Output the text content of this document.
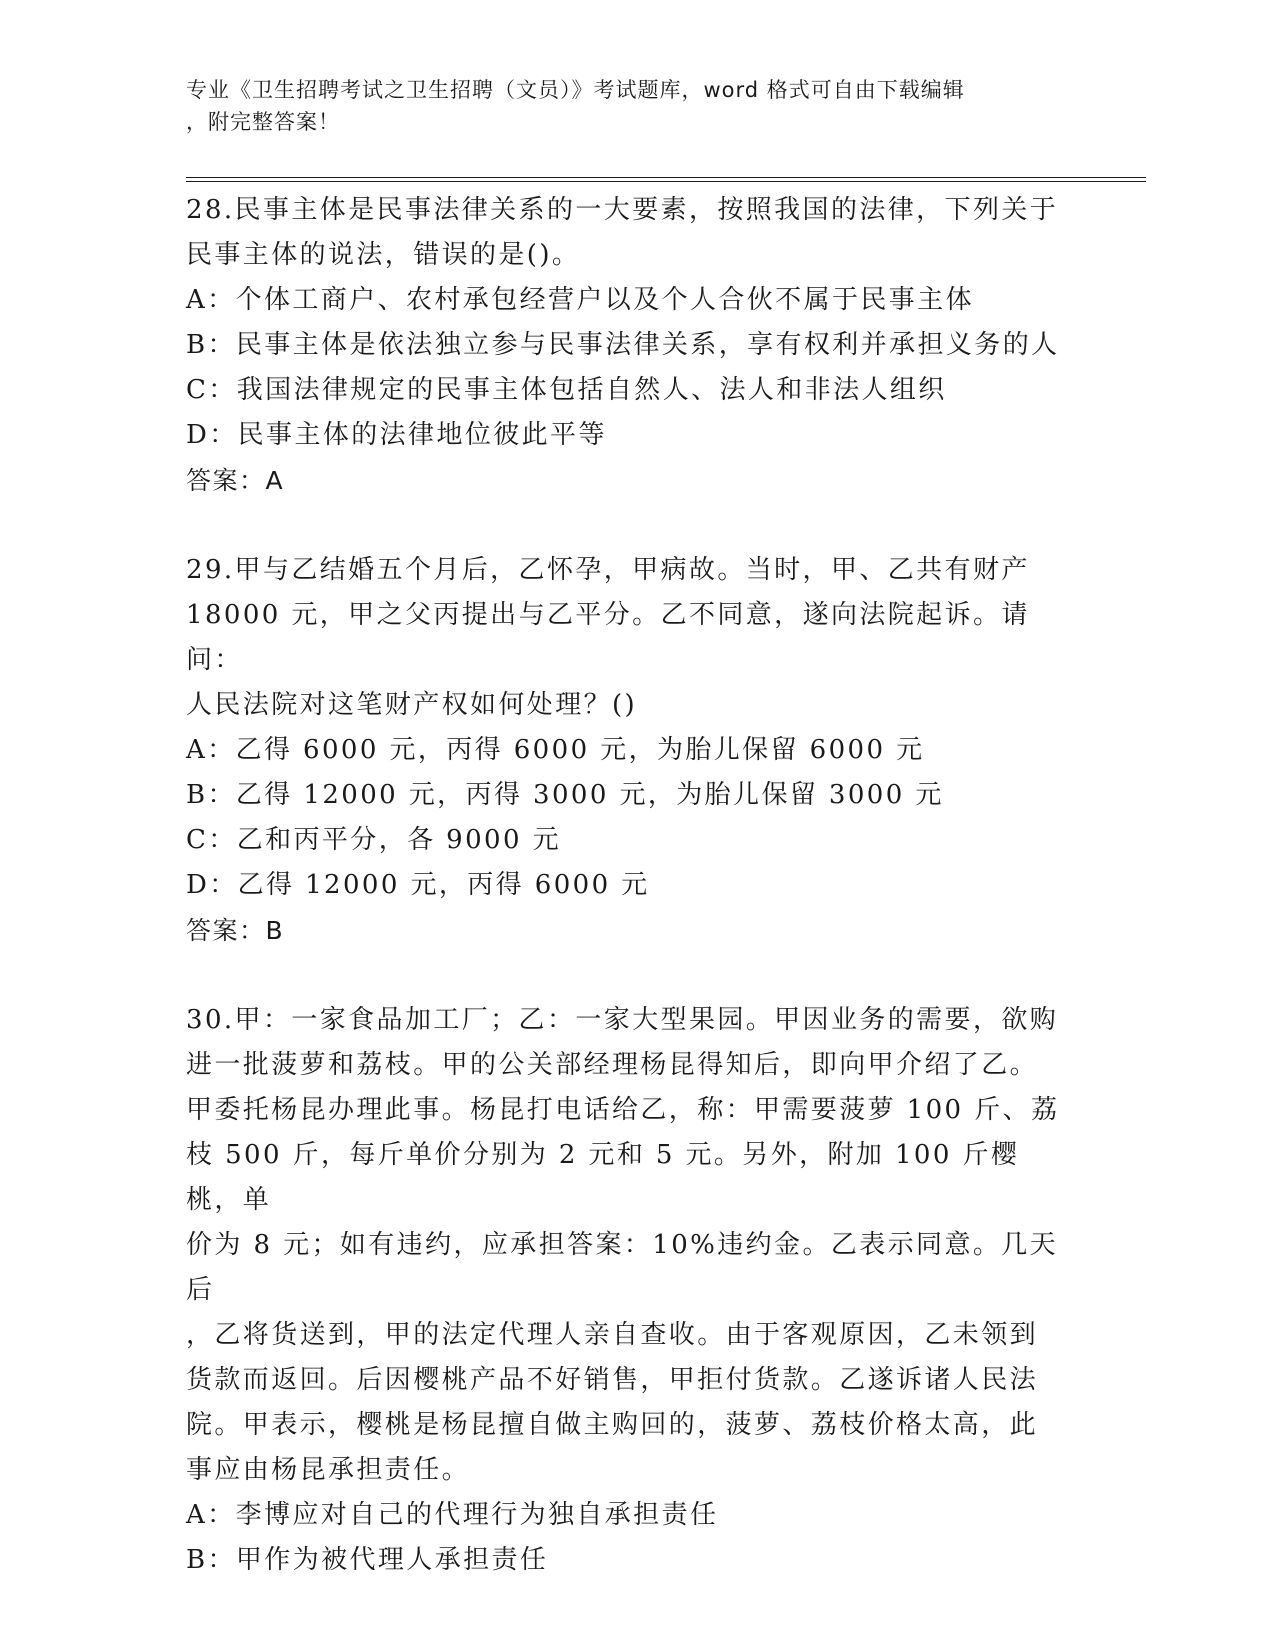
专业《卫生招聘考试之卫生招聘（文员）》考试题库，word 格式可自由下载编辑
，附完整答案！

28.民事主体是民事法律关系的一大要素，按照我国的法律，下列关于

民事主体的说法，错误的是()。

A：个体工商户、农村承包经营户以及个人合伙不属于民事主体

B：民事主体是依法独立参与民事法律关系，享有权利并承担义务的人

C：我国法律规定的民事主体包括自然人、法人和非法人组织

D：民事主体的法律地位彼此平等

答案：A

29.甲与乙结婚五个月后，乙怀孕，甲病故。当时，甲、乙共有财产

18000 元，甲之父丙提出与乙平分。乙不同意，遂向法院起诉。请问：

人民法院对这笔财产权如何处理？()

A：乙得 6000 元，丙得 6000 元，为胎儿保留 6000 元

B：乙得 12000 元，丙得 3000 元，为胎儿保留 3000 元

C：乙和丙平分，各 9000 元

D：乙得 12000 元，丙得 6000 元

答案：B

30.甲：一家食品加工厂；乙：一家大型果园。甲因业务的需要，欲购

进一批菠萝和荔枝。甲的公关部经理杨昆得知后，即向甲介绍了乙。

甲委托杨昆办理此事。杨昆打电话给乙，称：甲需要菠萝 100 斤、荔

枝 500 斤，每斤单价分别为 2 元和 5 元。另外，附加 100 斤樱桃，单

价为 8 元；如有违约，应承担答案：10%违约金。乙表示同意。几天后

，乙将货送到，甲的法定代理人亲自查收。由于客观原因，乙未领到

货款而返回。后因樱桃产品不好销售，甲拒付货款。乙遂诉诸人民法

院。甲表示，樱桃是杨昆擅自做主购回的，菠萝、荔枝价格太高，此

事应由杨昆承担责任。

A：李博应对自己的代理行为独自承担责任

B：甲作为被代理人承担责任
